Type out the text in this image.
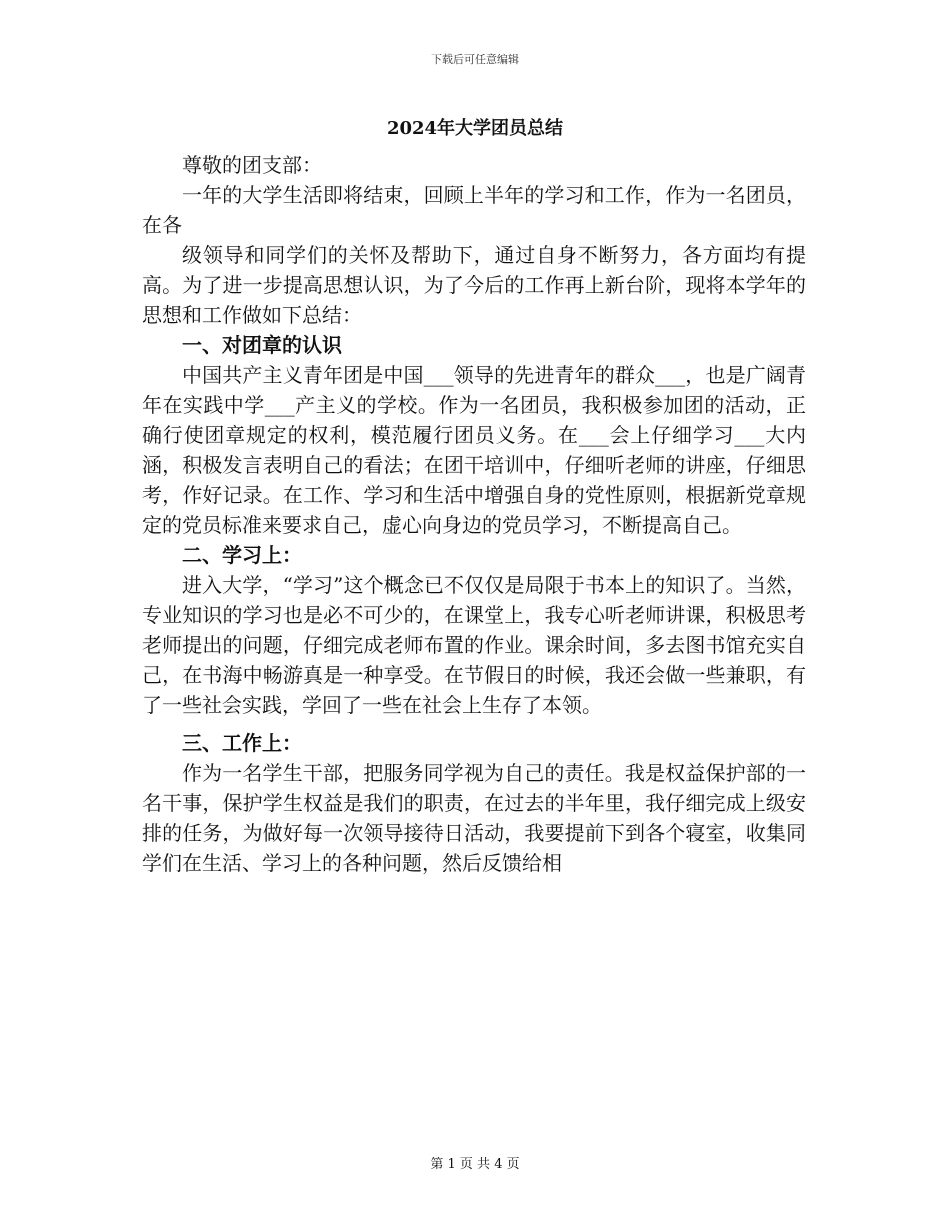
下载后可任意编辑
2024年大学团员总结

尊敬的团支部：

一年的大学生活即将结束，回顾上半年的学习和工作，作为一名团员，在各

级领导和同学们的关怀及帮助下，通过自身不断努力，各方面均有提高。为了进一步提高思想认识，为了今后的工作再上新台阶，现将本学年的思想和工作做如下总结：

一、对团章的认识

中国共产主义青年团是中国___领导的先进青年的群众___，也是广阔青年在实践中学___产主义的学校。作为一名团员，我积极参加团的活动，正确行使团章规定的权利，模范履行团员义务。在___会上仔细学习___大内涵，积极发言表明自己的看法；在团干培训中，仔细听老师的讲座，仔细思考，作好记录。在工作、学习和生活中增强自身的党性原则，根据新党章规定的党员标准来要求自己，虚心向身边的党员学习，不断提高自己。

二、学习上：

进入大学，“学习”这个概念已不仅仅是局限于书本上的知识了。当然，专业知识的学习也是必不可少的，在课堂上，我专心听老师讲课，积极思考老师提出的问题，仔细完成老师布置的作业。课余时间，多去图书馆充实自己，在书海中畅游真是一种享受。在节假日的时候，我还会做一些兼职，有了一些社会实践，学回了一些在社会上生存了本领。

三、工作上：

作为一名学生干部，把服务同学视为自己的责任。我是权益保护部的一名干事，保护学生权益是我们的职责，在过去的半年里，我仔细完成上级安排的任务，为做好每一次领导接待日活动，我要提前下到各个寝室，收集同学们在生活、学习上的各种问题，然后反馈给相

第 1 页 共 4 页
